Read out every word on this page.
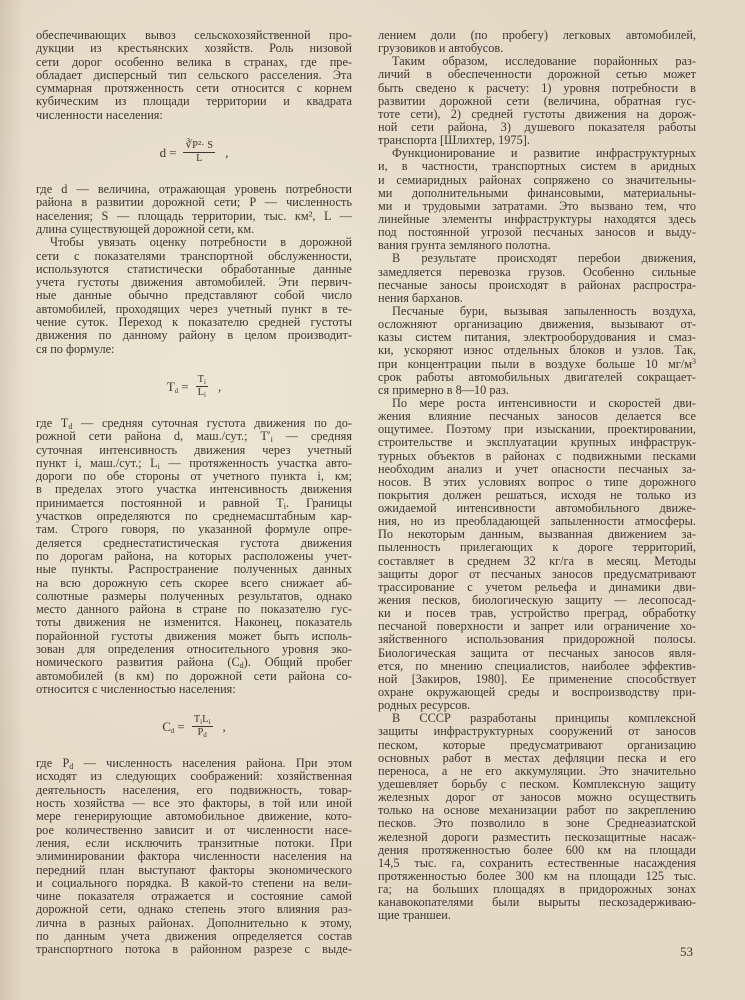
обеспечивающих вывоз сельскохозяйственной про-
дукции из крестьянских хозяйств. Роль низовой
сети дорог особенно велика в странах, где пре-
обладает дисперсный тип сельского расселения. Эта
суммарная протяженность сети относится с корнем
кубическим из площади территории и квадрата
численности населения:
$d = \frac{\text{∛P²· S}}{L}$ ,
где d — величина, отражающая уровень потребности
района в развитии дорожной сети; P — численность
населения; S — площадь территории, тыс. км², L —
длина существующей дорожной сети, км.
Чтобы увязать оценку потребности в дорожной
сети с показателями транспортной обслуженности,
используются статистически обработанные данные
учета густоты движения автомобилей. Эти первич-
ные данные обычно представляют собой число
автомобилей, проходящих через учетный пункт в те-
чение суток. Переход к показателю средней густоты
движения по данному району в целом производит-
ся по формуле:
$T_d = \frac{T_i}{L_i}$ ,
где $T_d$ — средняя суточная густота движения по до-
рожной сети района d, маш./сут.; $T'_i$ — средняя
суточная интенсивность движения через учетный
пункт i, маш./сут.; $L_i$ — протяженность участка авто-
дороги по обе стороны от учетного пункта i, км;
в пределах этого участка интенсивность движения
принимается постоянной и равной $T_i$. Границы
участков определяются по среднемасштабным кар-
там. Строго говоря, по указанной формуле опре-
деляется среднестатистическая густота движения
по дорогам района, на которых расположены учет-
ные пункты. Распространение полученных данных
на всю дорожную сеть скорее всего снижает аб-
солютные размеры полученных результатов, однако
место данного района в стране по показателю гус-
тоты движения не изменится. Наконец, показатель
порайонной густоты движения может быть исполь-
зован для определения относительного уровня эко-
номического развития района $(C_d)$. Общий пробег
автомобилей (в км) по дорожной сети района со-
относится с численностью населения:
$C_d = \frac{T_iL_i}{P_d}$ ,
где $P_d$ — численность населения района. При этом
исходят из следующих соображений: хозяйственная
деятельность населения, его подвижность, товар-
ность хозяйства — все это факторы, в той или иной
мере генерирующие автомобильное движение, кото-
рое количественно зависит и от численности насе-
ления, если исключить транзитные потоки. При
элиминировании фактора численности населения на
передний план выступают факторы экономического
и социального порядка. В какой-то степени на вели-
чине показателя отражается и состояние самой
дорожной сети, однако степень этого влияния раз-
лична в разных районах. Дополнительно к этому,
по данным учета движения определяется состав
транспортного потока в районном разрезе с выде-
лением доли (по пробегу) легковых автомобилей,
грузовиков и автобусов.
Таким образом, исследование порайонных раз-
личий в обеспеченности дорожной сетью может
быть сведено к расчету: 1) уровня потребности в
развитии дорожной сети (величина, обратная гус-
тоте сети), 2) средней густоты движения на дорож-
ной сети района, 3) душевого показателя работы
транспорта [Шлихтер, 1975].
Функционирование и развитие инфраструктурных
и, в частности, транспортных систем в аридных
и семиаридных районах сопряжено со значительны-
ми дополнительными финансовыми, материальны-
ми и трудовыми затратами. Это вызвано тем, что
линейные элементы инфраструктуры находятся здесь
под постоянной угрозой песчаных заносов и выду-
вания грунта земляного полотна.
В результате происходят перебои движения,
замедляется перевозка грузов. Особенно сильные
песчаные заносы происходят в районах распростра-
нения барханов.
Песчаные бури, вызывая запыленность воздуха,
осложняют организацию движения, вызывают от-
казы систем питания, электрооборудования и смаз-
ки, ускоряют износ отдельных блоков и узлов. Так,
при концентрации пыли в воздухе больше 10 $мг/м^3$
срок работы автомобильных двигателей сокращает-
ся примерно в 8—10 раз.
По мере роста интенсивности и скоростей дви-
жения влияние песчаных заносов делается все
ощутимее. Поэтому при изыскании, проектировании,
строительстве и эксплуатации крупных инфраструк-
турных объектов в районах с подвижными песками
необходим анализ и учет опасности песчаных за-
носов. В этих условиях вопрос о типе дорожного
покрытия должен решаться, исходя не только из
ожидаемой интенсивности автомобильного движе-
ния, но из преобладающей запыленности атмосферы.
По некоторым данным, вызванная движением за-
пыленность прилегающих к дороге территорий,
составляет в среднем 32 кг/га в месяц. Методы
защиты дорог от песчаных заносов предусматривают
трассирование с учетом рельефа и динамики дви-
жения песков, биологическую защиту — лесопосад-
ки и посев трав, устройство преград, обработку
песчаной поверхности и запрет или ограничение хо-
зяйственного использования придорожной полосы.
Биологическая защита от песчаных заносов явля-
ется, по мнению специалистов, наиболее эффектив-
ной [Закиров, 1980]. Ее применение способствует
охране окружающей среды и воспроизводству при-
родных ресурсов.
В СССР разработаны принципы комплексной
защиты инфраструктурных сооружений от заносов
песком, которые предусматривают организацию
основных работ в местах дефляции песка и его
переноса, а не его аккумуляции. Это значительно
удешевляет борьбу с песком. Комплексную защиту
железных дорог от заносов можно осуществить
только на основе механизации работ по закреплению
песков. Это позволило в зоне Среднеазиатской
железной дороги разместить пескозащитные насаж-
дения протяженностью более 600 км на площади
14,5 тыс. га, сохранить естественные насаждения
протяженностью более 300 км на площади 125 тыс.
га; на больших площадях в придорожных зонах
канавокопателями были вырыты пескозадерживаю-
щие траншеи.
53
